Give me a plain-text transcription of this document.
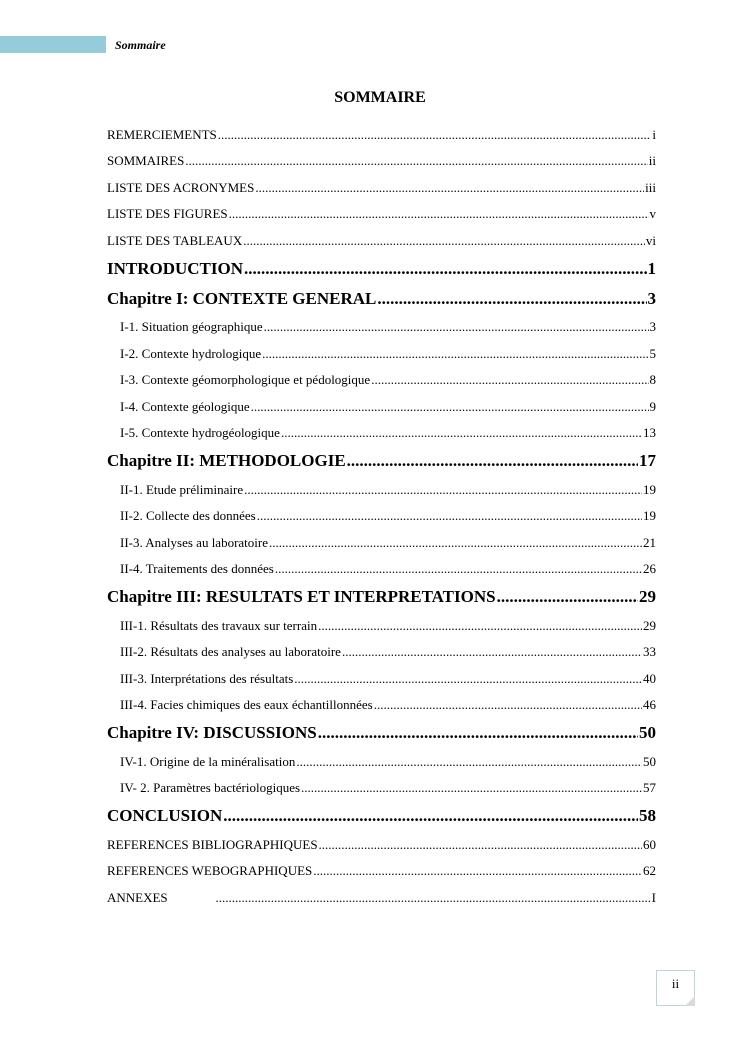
Sommaire
SOMMAIRE
REMERCIEMENTS .....	i
SOMMAIRES .....	ii
LISTE DES ACRONYMES .....	iii
LISTE DES FIGURES .....	v
LISTE DES TABLEAUX .....	vi
INTRODUCTION .....	1
Chapitre I: CONTEXTE GENERAL .....	3
I-1. Situation géographique .....	3
I-2. Contexte hydrologique .....	5
I-3. Contexte géomorphologique et pédologique .....	8
I-4. Contexte géologique .....	9
I-5. Contexte hydrogéologique .....	13
Chapitre II: METHODOLOGIE .....	17
II-1. Etude préliminaire .....	19
II-2. Collecte des données .....	19
II-3. Analyses au laboratoire .....	21
II-4. Traitements des données .....	26
Chapitre III: RESULTATS ET INTERPRETATIONS .....	29
III-1. Résultats des travaux sur terrain .....	29
III-2. Résultats des analyses au laboratoire .....	33
III-3. Interprétations des résultats .....	40
III-4. Facies chimiques des eaux échantillonnées .....	46
Chapitre IV: DISCUSSIONS .....	50
IV-1. Origine de la minéralisation .....	50
IV- 2. Paramètres bactériologiques .....	57
CONCLUSION .....	58
REFERENCES BIBLIOGRAPHIQUES .....	60
REFERENCES WEBOGRAPHIQUES .....	62
ANNEXES .....	I
ii
